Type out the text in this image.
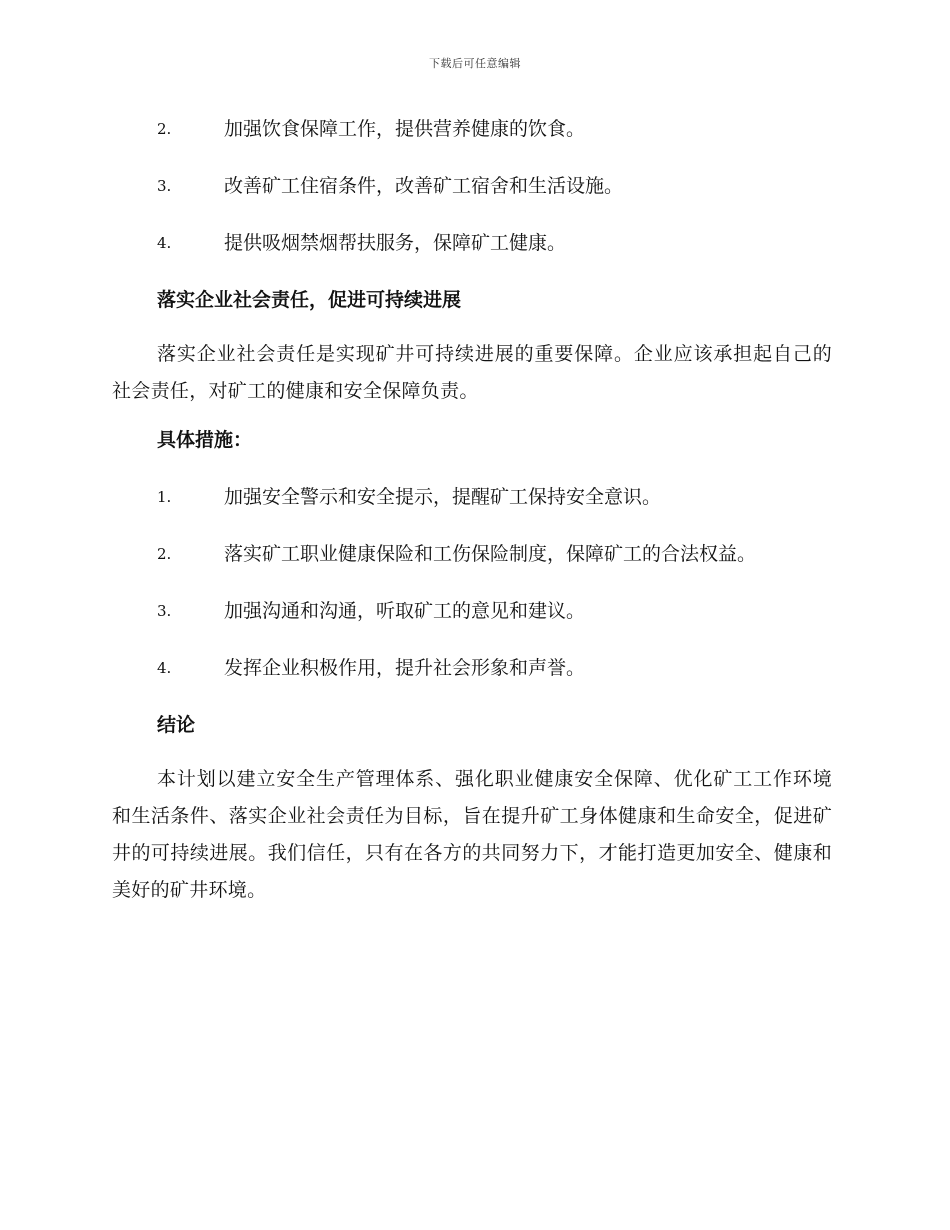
下载后可任意编辑
2.	加强饮食保障工作，提供营养健康的饮食。
3.	改善矿工住宿条件，改善矿工宿舍和生活设施。
4.	提供吸烟禁烟帮扶服务，保障矿工健康。
落实企业社会责任，促进可持续进展

落实企业社会责任是实现矿井可持续进展的重要保障。企业应该承担起自己的社会责任，对矿工的健康和安全保障负责。

具体措施：
1.	加强安全警示和安全提示，提醒矿工保持安全意识。
2.	落实矿工职业健康保险和工伤保险制度，保障矿工的合法权益。
3.	加强沟通和沟通，听取矿工的意见和建议。
4.	发挥企业积极作用，提升社会形象和声誉。
结论

本计划以建立安全生产管理体系、强化职业健康安全保障、优化矿工工作环境和生活条件、落实企业社会责任为目标，旨在提升矿工身体健康和生命安全，促进矿井的可持续进展。我们信任，只有在各方的共同努力下，才能打造更加安全、健康和美好的矿井环境。
